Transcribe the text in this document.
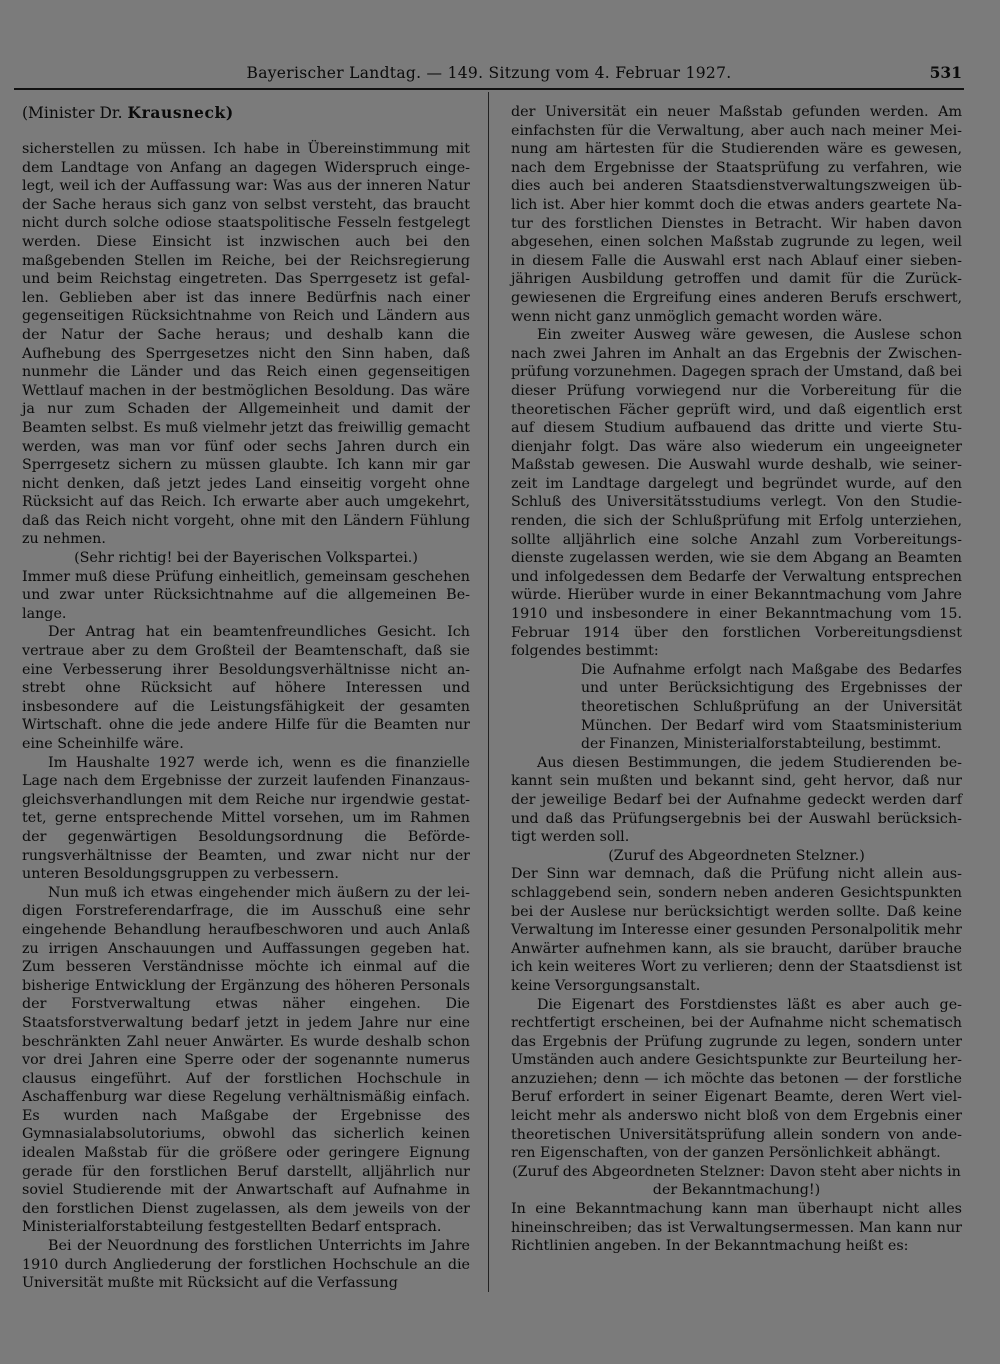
Bayerischer Landtag. — 149. Sitzung vom 4. Februar 1927.	531

(Minister Dr. Krausneck)

sicherstellen zu müssen. Ich habe in Übereinstimmung mit dem Landtage von Anfang an dagegen Widerspruch eingelegt, weil ich der Auffassung war: Was aus der inneren Natur der Sache heraus sich ganz von selbst versteht, das braucht nicht durch solche odiose staatspolitische Fesseln festgelegt werden. Diese Einsicht ist inzwischen auch bei den maßgebenden Stellen im Reiche, bei der Reichsregierung und beim Reichstag eingetreten. Das Sperrgesetz ist gefallen. Geblieben aber ist das innere Bedürfnis nach einer gegenseitigen Rücksichtnahme von Reich und Ländern aus der Natur der Sache heraus; und deshalb kann die Aufhebung des Sperrgesetzes nicht den Sinn haben, daß nunmehr die Länder und das Reich einen gegenseitigen Wettlauf machen in der bestmöglichen Besoldung. Das wäre ja nur zum Schaden der Allgemeinheit und damit der Beamten selbst. Es muß vielmehr jetzt das freiwillig gemacht werden, was man vor fünf oder sechs Jahren durch ein Sperrgesetz sichern zu müssen glaubte. Ich kann mir gar nicht denken, daß jetzt jedes Land einseitig vorgeht ohne Rücksicht auf das Reich. Ich erwarte aber auch umgekehrt, daß das Reich nicht vorgeht, ohne mit den Ländern Fühlung zu nehmen.

(Sehr richtig! bei der Bayerischen Volkspartei.)

Immer muß diese Prüfung einheitlich, gemeinsam geschehen und zwar unter Rücksichtnahme auf die allgemeinen Belange.

Der Antrag hat ein beamtenfreundliches Gesicht. Ich vertraue aber zu dem Großteil der Beamtenschaft, daß sie eine Verbesserung ihrer Besoldungsverhältnisse nicht anstrebt ohne Rücksicht auf höhere Interessen und insbesondere auf die Leistungsfähigkeit der gesamten Wirtschaft. ohne die jede andere Hilfe für die Beamten nur eine Scheinhilfe wäre.

Im Haushalte 1927 werde ich, wenn es die finanzielle Lage nach dem Ergebnisse der zurzeit laufenden Finanzausgleichsverhandlungen mit dem Reiche nur irgendwie gestattet, gerne entsprechende Mittel vorsehen, um im Rahmen der gegenwärtigen Besoldungsordnung die Beförderungsverhältnisse der Beamten, und zwar nicht nur der unteren Besoldungsgruppen zu verbessern.

Nun muß ich etwas eingehender mich äußern zu der leidigen Forstreferendarfrage, die im Ausschuß eine sehr eingehende Behandlung heraufbeschworen und auch Anlaß zu irrigen Anschauungen und Auffassungen gegeben hat. Zum besseren Verständnisse möchte ich einmal auf die bisherige Entwicklung der Ergänzung des höheren Personals der Forstverwaltung etwas näher eingehen. Die Staatsforstverwaltung bedarf jetzt in jedem Jahre nur eine beschränkten Zahl neuer Anwärter. Es wurde deshalb schon vor drei Jahren eine Sperre oder der sogenannte numerus clausus eingeführt. Auf der forstlichen Hochschule in Aschaffenburg war diese Regelung verhältnismäßig einfach. Es wurden nach Maßgabe der Ergebnisse des Gymnasialabsolutoriums, obwohl das sicherlich keinen idealen Maßstab für die größere oder geringere Eignung gerade für den forstlichen Beruf darstellt, alljährlich nur soviel Studierende mit der Anwartschaft auf Aufnahme in den forstlichen Dienst zugelassen, als dem jeweils von der Ministerialforstabteilung festgestellten Bedarf entsprach.

Bei der Neuordnung des forstlichen Unterrichts im Jahre 1910 durch Angliederung der forstlichen Hochschule an die Universität mußte mit Rücksicht auf die Verfassung

der Universität ein neuer Maßstab gefunden werden. Am einfachsten für die Verwaltung, aber auch nach meiner Meinung am härtesten für die Studierenden wäre es gewesen, nach dem Ergebnisse der Staatsprüfung zu verfahren, wie dies auch bei anderen Staatsdienstverwaltungszweigen üblich ist. Aber hier kommt doch die etwas anders geartete Natur des forstlichen Dienstes in Betracht. Wir haben davon abgesehen, einen solchen Maßstab zugrunde zu legen, weil in diesem Falle die Auswahl erst nach Ablauf einer siebenjährigen Ausbildung getroffen und damit für die Zurückgewiesenen die Ergreifung eines anderen Berufs erschwert, wenn nicht ganz unmöglich gemacht worden wäre.

Ein zweiter Ausweg wäre gewesen, die Auslese schon nach zwei Jahren im Anhalt an das Ergebnis der Zwischenprüfung vorzunehmen. Dagegen sprach der Umstand, daß bei dieser Prüfung vorwiegend nur die Vorbereitung für die theoretischen Fächer geprüft wird, und daß eigentlich erst auf diesem Studium aufbauend das dritte und vierte Studienjahr folgt. Das wäre also wiederum ein ungeeigneter Maßstab gewesen. Die Auswahl wurde deshalb, wie seinerzeit im Landtage dargelegt und begründet wurde, auf den Schluß des Universitätsstudiums verlegt. Von den Studierenden, die sich der Schlußprüfung mit Erfolg unterziehen, sollte alljährlich eine solche Anzahl zum Vorbereitungsdienste zugelassen werden, wie sie dem Abgang an Beamten und infolgedessen dem Bedarfe der Verwaltung entsprechen würde. Hierüber wurde in einer Bekanntmachung vom Jahre 1910 und insbesondere in einer Bekanntmachung vom 15. Februar 1914 über den forstlichen Vorbereitungsdienst folgendes bestimmt:

Die Aufnahme erfolgt nach Maßgabe des Bedarfes und unter Berücksichtigung des Ergebnisses der theoretischen Schlußprüfung an der Universität München. Der Bedarf wird vom Staatsministerium der Finanzen, Ministerialforstabteilung, bestimmt.

Aus diesen Bestimmungen, die jedem Studierenden bekannt sein mußten und bekannt sind, geht hervor, daß nur der jeweilige Bedarf bei der Aufnahme gedeckt werden darf und daß das Prüfungsergebnis bei der Auswahl berücksichtigt werden soll.

(Zuruf des Abgeordneten Stelzner.)

Der Sinn war demnach, daß die Prüfung nicht allein ausschlaggebend sein, sondern neben anderen Gesichtspunkten bei der Auslese nur berücksichtigt werden sollte. Daß keine Verwaltung im Interesse einer gesunden Personalpolitik mehr Anwärter aufnehmen kann, als sie braucht, darüber brauche ich kein weiteres Wort zu verlieren; denn der Staatsdienst ist keine Versorgungsanstalt.

Die Eigenart des Forstdienstes läßt es aber auch gerechtfertigt erscheinen, bei der Aufnahme nicht schematisch das Ergebnis der Prüfung zugrunde zu legen, sondern unter Umständen auch andere Gesichtspunkte zur Beurteilung heranzuziehen; denn — ich möchte das betonen — der forstliche Beruf erfordert in seiner Eigenart Beamte, deren Wert vielleicht mehr als anderswo nicht bloß von dem Ergebnis einer theoretischen Universitätsprüfung allein sondern von anderen Eigenschaften, von der ganzen Persönlichkeit abhängt.

(Zuruf des Abgeordneten Stelzner: Davon steht aber nichts in der Bekanntmachung!)

In eine Bekanntmachung kann man überhaupt nicht alles hineinschreiben; das ist Verwaltungsermessen. Man kann nur Richtlinien angeben. In der Bekanntmachung heißt es:
